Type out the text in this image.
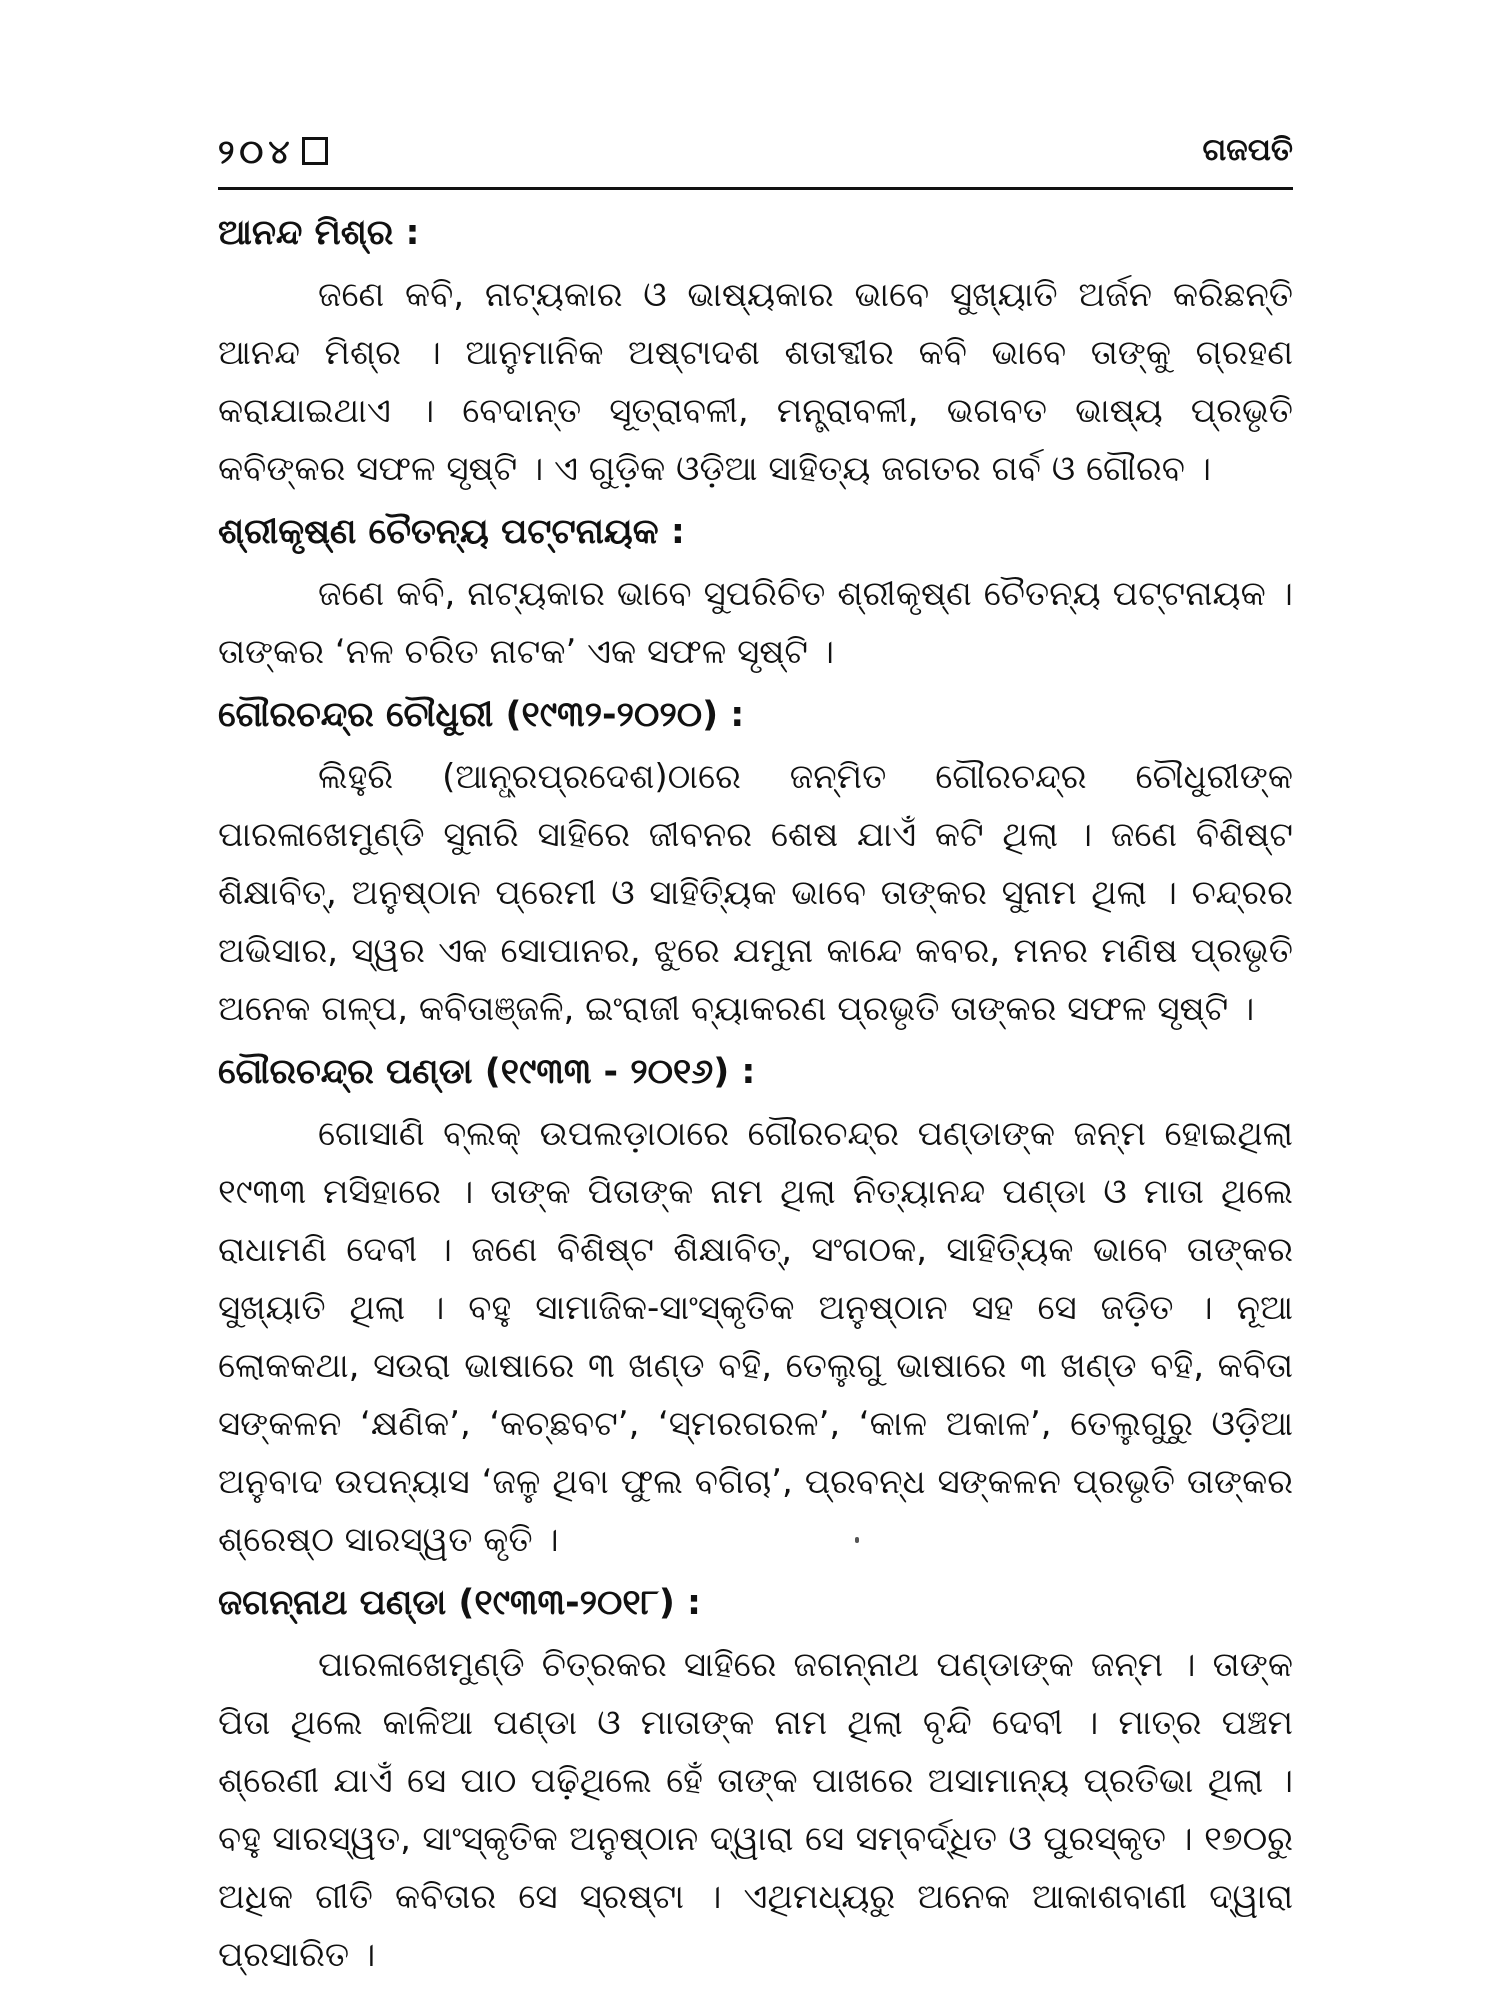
୨୦୪	ଗଜପତି
ଆନନ୍ଦ ମିଶ୍ର :

ଜଣେ କବି, ନାଟ୍ୟକାର ଓ ଭାଷ୍ୟକାର ଭାବେ ସୁଖ୍ୟାତି ଅର୍ଜନ କରିଛନ୍ତି ଆନନ୍ଦ ମିଶ୍ର । ଆନୁମାନିକ ଅଷ୍ଟାଦଶ ଶତାବ୍ଦୀର କବି ଭାବେ ତାଙ୍କୁ ଗ୍ରହଣ କରାଯାଇଥାଏ । ବେଦାନ୍ତ ସୂତ୍ରାବଳୀ, ମନ୍ତ୍ରାବଳୀ, ଭଗବତ ଭାଷ୍ୟ ପ୍ରଭୃତି କବିଙ୍କର ସଫଳ ସୃଷ୍ଟି । ଏ ଗୁଡ଼ିକ ଓଡ଼ିଆ ସାହିତ୍ୟ ଜଗତର ଗର୍ବ ଓ ଗୌରବ ।

ଶ୍ରୀକୃଷ୍ଣ ଚୈତନ୍ୟ ପଟ୍ଟନାୟକ :

ଜଣେ କବି, ନାଟ୍ୟକାର ଭାବେ ସୁପରିଚିତ ଶ୍ରୀକୃଷ୍ଣ ଚୈତନ୍ୟ ପଟ୍ଟନାୟକ । ତାଙ୍କର ‘ନଳ ଚରିତ ନାଟକ’ ଏକ ସଫଳ ସୃଷ୍ଟି ।

ଗୌରଚନ୍ଦ୍ର ଚୌଧୁରୀ (୧୯୩୨-୨୦୨୦) :

ଲିହୁରି (ଆନ୍ଧ୍ରପ୍ରଦେଶ)ଠାରେ ଜନ୍ମିତ ଗୌରଚନ୍ଦ୍ର ଚୌଧୁରୀଙ୍କ ପାରଳାଖେମୁଣ୍ଡି ସୁନାରି ସାହିରେ ଜୀବନର ଶେଷ ଯାଏଁ କଟି ଥିଲା । ଜଣେ ବିଶିଷ୍ଟ ଶିକ୍ଷାବିତ୍, ଅନୁଷ୍ଠାନ ପ୍ରେମୀ ଓ ସାହିତ୍ୟିକ ଭାବେ ତାଙ୍କର ସୁନାମ ଥିଲା । ଚନ୍ଦ୍ରର ଅଭିସାର, ସ୍ୱର ଏକ ସୋପାନର, ଝୁରେ ଯମୁନା କାନ୍ଦେ କବର, ମନର ମଣିଷ ପ୍ରଭୃତି ଅନେକ ଗଳ୍ପ, କବିତାଞ୍ଜଳି, ଇଂରାଜୀ ବ୍ୟାକରଣ ପ୍ରଭୃତି ତାଙ୍କର ସଫଳ ସୃଷ୍ଟି ।

ଗୌରଚନ୍ଦ୍ର ପଣ୍ଡା (୧୯୩୩ - ୨୦୧୬) :

ଗୋସାଣି ବ୍ଲକ୍ ଉପଲଡ଼ାଠାରେ ଗୌରଚନ୍ଦ୍ର ପଣ୍ଡାଙ୍କ ଜନ୍ମ ହୋଇଥିଲା ୧୯୩୩ ମସିହାରେ । ତାଙ୍କ ପିତାଙ୍କ ନାମ ଥିଲା ନିତ୍ୟାନନ୍ଦ ପଣ୍ଡା ଓ ମାତା ଥିଲେ ରାଧାମଣି ଦେବୀ । ଜଣେ ବିଶିଷ୍ଟ ଶିକ୍ଷାବିତ୍, ସଂଗଠକ, ସାହିତ୍ୟିକ ଭାବେ ତାଙ୍କର ସୁଖ୍ୟାତି ଥିଲା । ବହୁ ସାମାଜିକ-ସାଂସ୍କୃତିକ ଅନୁଷ୍ଠାନ ସହ ସେ ଜଡ଼ିତ । ନୂଆ ଲୋକକଥା, ସଉରା ଭାଷାରେ ୩ ଖଣ୍ଡ ବହି, ତେଲୁଗୁ ଭାଷାରେ ୩ ଖଣ୍ଡ ବହି, କବିତା ସଙ୍କଳନ ‘କ୍ଷଣିକ’, ‘କଚ୍ଛବଟ’, ‘ସ୍ମରଗରଳ’, ‘କାଳ ଅକାଳ’, ତେଲୁଗୁରୁ ଓଡ଼ିଆ ଅନୁବାଦ ଉପନ୍ୟାସ ‘ଜଳୁ ଥିବା ଫୁଲ ବଗିଚା’, ପ୍ରବନ୍ଧ ସଙ୍କଳନ ପ୍ରଭୃତି ତାଙ୍କର ଶ୍ରେଷ୍ଠ ସାରସ୍ୱତ କୃତି ।

ଜଗନ୍ନାଥ ପଣ୍ଡା (୧୯୩୩-୨୦୧୮) :

ପାରଳାଖେମୁଣ୍ଡି ଚିତ୍ରକର ସାହିରେ ଜଗନ୍ନାଥ ପଣ୍ଡାଙ୍କ ଜନ୍ମ । ତାଙ୍କ ପିତା ଥିଲେ କାଳିଆ ପଣ୍ଡା ଓ ମାତାଙ୍କ ନାମ ଥିଲା ବୃନ୍ଦି ଦେବୀ । ମାତ୍ର ପଞ୍ଚମ ଶ୍ରେଣୀ ଯାଏଁ ସେ ପାଠ ପଢ଼ିଥିଲେ ହେଁ ତାଙ୍କ ପାଖରେ ଅସାମାନ୍ୟ ପ୍ରତିଭା ଥିଲା । ବହୁ ସାରସ୍ୱତ, ସାଂସ୍କୃତିକ ଅନୁଷ୍ଠାନ ଦ୍ୱାରା ସେ ସମ୍ବର୍ଦ୍ଧିତ ଓ ପୁରସ୍କୃତ । ୧୭୦ରୁ ଅଧିକ ଗୀତି କବିତାର ସେ ସ୍ରଷ୍ଟା । ଏଥିମଧ୍ୟରୁ ଅନେକ ଆକାଶବାଣୀ ଦ୍ୱାରା ପ୍ରସାରିତ ।
